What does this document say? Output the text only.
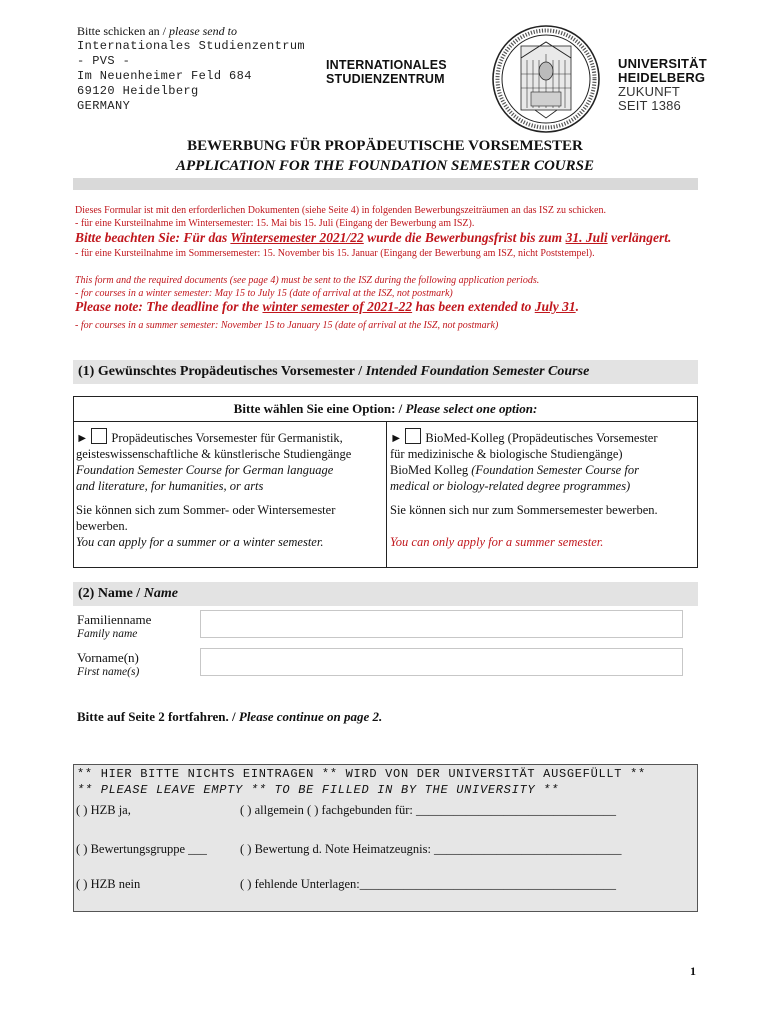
Bitte schicken an / please send to
Internationales Studienzentrum
- PVS -
Im Neuenheimer Feld 684
69120 Heidelberg
GERMANY
INTERNATIONALES
STUDIENZENTRUM
UNIVERSITÄT
HEIDELBERG
ZUKUNFT
SEIT 1386
BEWERBUNG FÜR PROPÄDEUTISCHE VORSEMESTER
APPLICATION FOR THE FOUNDATION SEMESTER COURSE
Dieses Formular ist mit den erforderlichen Dokumenten (siehe Seite 4) in folgenden Bewerbungszeiträumen an das ISZ zu schicken.
- für eine Kursteilnahme im Wintersemester: 15. Mai bis 15. Juli (Eingang der Bewerbung am ISZ).
Bitte beachten Sie: Für das Wintersemester 2021/22 wurde die Bewerbungsfrist bis zum 31. Juli verlängert.
- für eine Kursteilnahme im Sommersemester: 15. November bis 15. Januar (Eingang der Bewerbung am ISZ, nicht Poststempel).
This form and the required documents (see page 4) must be sent to the ISZ during the following application periods.
- for courses in a winter semester: May 15 to July 15 (date of arrival at the ISZ, not postmark)
Please note: The deadline for the winter semester of 2021-22 has been extended to July 31.
- for courses in a summer semester: November 15 to January 15 (date of arrival at the ISZ, not postmark)
(1) Gewünschtes Propädeutisches Vorsemester / Intended Foundation Semester Course
Bitte wählen Sie eine Option: / Please select one option:
► Propädeutisches Vorsemester für Germanistik,
geisteswissenschaftliche & künstlerische Studiengänge
Foundation Semester Course for German language
and literature, for humanities, or arts
Sie können sich zum Sommer- oder Wintersemester bewerben.
You can apply for a summer or a winter semester.
► BioMed-Kolleg (Propädeutisches Vorsemester
für medizinische & biologische Studiengänge)
BioMed Kolleg (Foundation Semester Course for
medical or biology-related degree programmes)
Sie können sich nur zum Sommersemester bewerben.
You can only apply for a summer semester.
(2) Name / Name
Familienname
Family name
Vorname(n)
First name(s)
Bitte auf Seite 2 fortfahren. / Please continue on page 2.
** HIER BITTE NICHTS EINTRAGEN ** WIRD VON DER UNIVERSITÄT AUSGEFÜLLT **
** PLEASE LEAVE EMPTY ** TO BE FILLED IN BY THE UNIVERSITY **
( ) HZB ja,	( ) allgemein ( ) fachgebunden für: ________________________________
( ) Bewertungsgruppe ___	( ) Bewertung d. Note Heimatzeugnis: ______________________________
( ) HZB nein	( ) fehlende Unterlagen:_________________________________________
1
